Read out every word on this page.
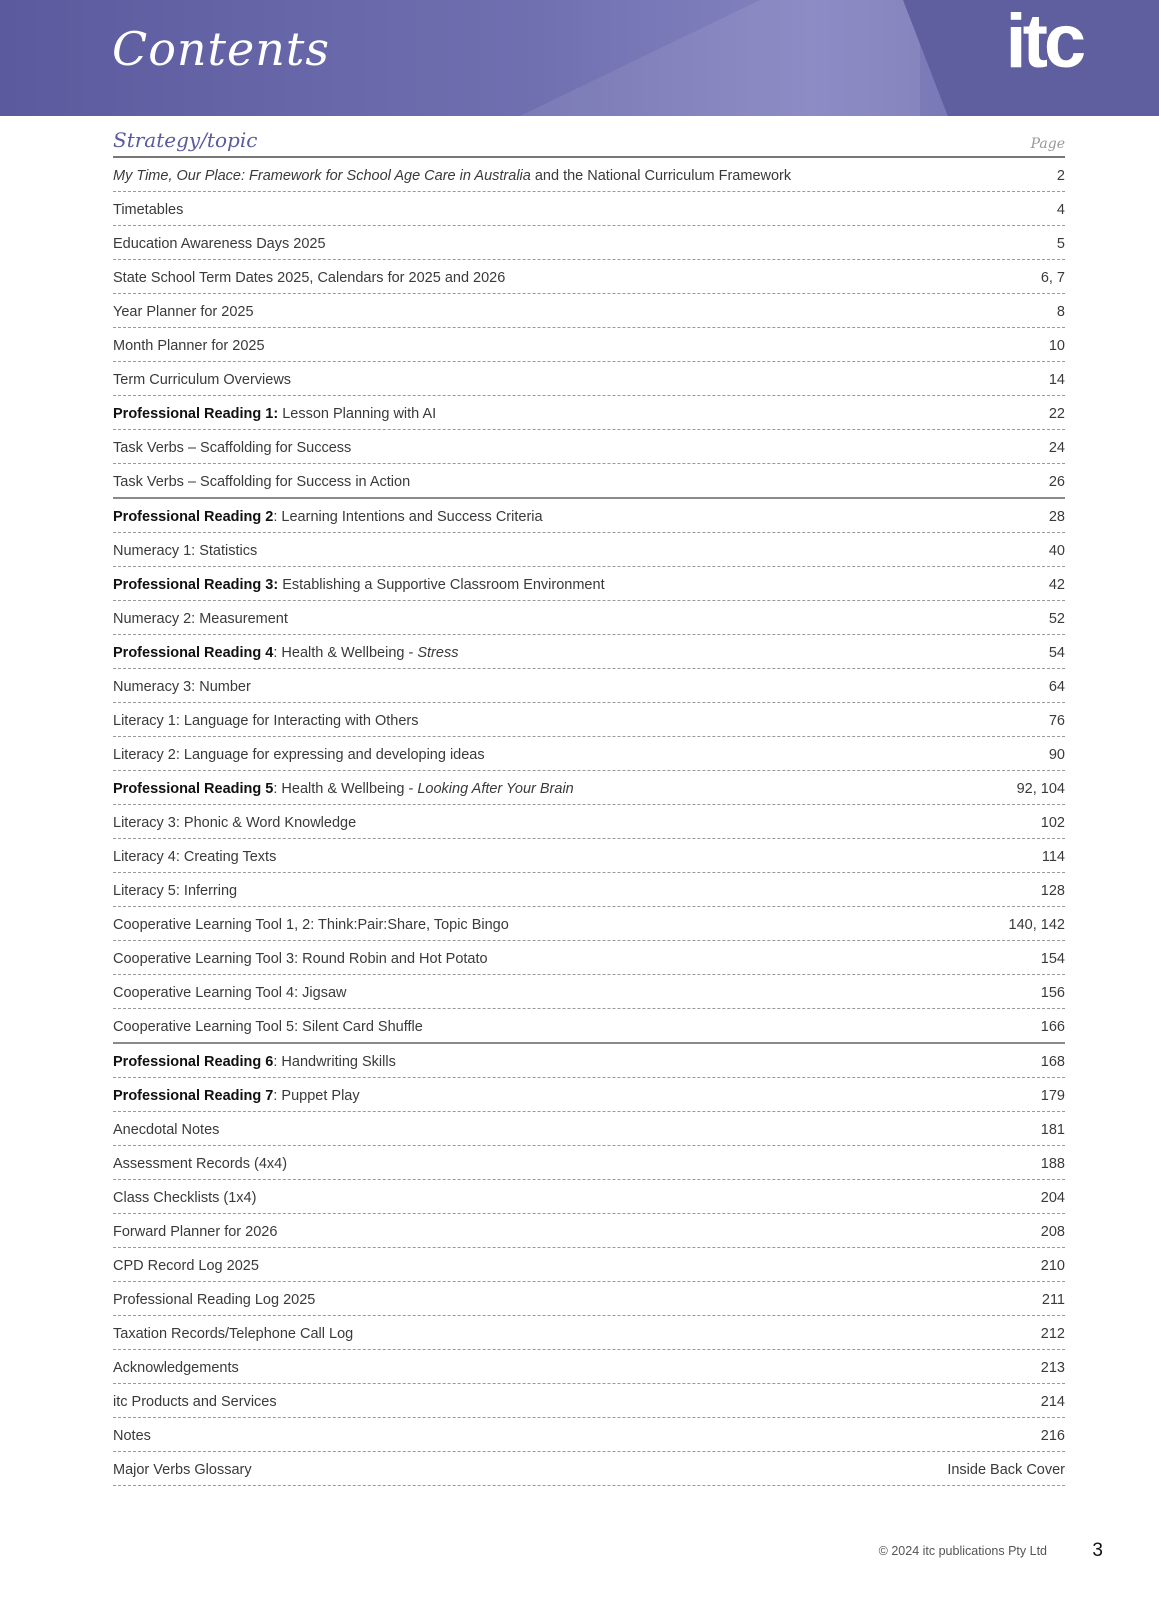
Contents	itc
Strategy/topic	Page
My Time, Our Place: Framework for School Age Care in Australia and the National Curriculum Framework	2
Timetables	4
Education Awareness Days 2025	5
State School Term Dates 2025, Calendars for 2025 and 2026	6, 7
Year Planner for 2025	8
Month Planner for 2025	10
Term Curriculum Overviews	14
Professional Reading 1: Lesson Planning with AI	22
Task Verbs – Scaffolding for Success	24
Task Verbs – Scaffolding for Success in Action	26
Professional Reading 2: Learning Intentions and Success Criteria	28
Numeracy 1: Statistics	40
Professional Reading 3: Establishing a Supportive Classroom Environment	42
Numeracy 2: Measurement	52
Professional Reading 4: Health & Wellbeing - Stress	54
Numeracy 3: Number	64
Literacy 1: Language for Interacting with Others	76
Literacy 2: Language for expressing and developing ideas	90
Professional Reading 5: Health & Wellbeing - Looking After Your Brain	92, 104
Literacy 3: Phonic & Word Knowledge	102
Literacy 4: Creating Texts	114
Literacy 5: Inferring	128
Cooperative Learning Tool 1, 2: Think:Pair:Share, Topic Bingo	140, 142
Cooperative Learning Tool 3: Round Robin and Hot Potato	154
Cooperative Learning Tool 4: Jigsaw	156
Cooperative Learning Tool 5: Silent Card Shuffle	166
Professional Reading 6: Handwriting Skills	168
Professional Reading 7: Puppet Play	179
Anecdotal Notes	181
Assessment Records (4x4)	188
Class Checklists (1x4)	204
Forward Planner for 2026	208
CPD Record Log 2025	210
Professional Reading Log 2025	211
Taxation Records/Telephone Call Log	212
Acknowledgements	213
itc Products and Services	214
Notes	216
Major Verbs Glossary	Inside Back Cover
© 2024 itc publications Pty Ltd 3
